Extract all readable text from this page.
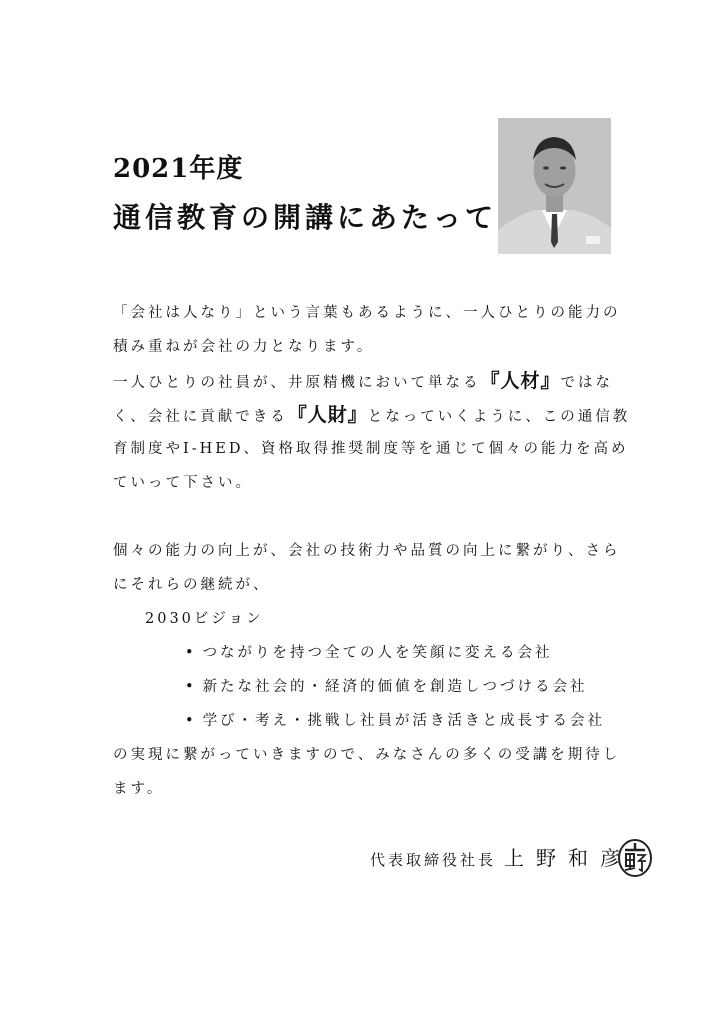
2021年度
通信教育の開講にあたって
「会社は人なり」という言葉もあるように、一人ひとりの能力の
積み重ねが会社の力となります。
一人ひとりの社員が、井原精機において単なる『人材』ではな
く、会社に貢献できる『人財』となっていくように、この通信教
育制度やI-HED、資格取得推奨制度等を通じて個々の能力を高め
ていって下さい。
個々の能力の向上が、会社の技術力や品質の向上に繋がり、さら
にそれらの継続が、
2030ビジョン
• つながりを持つ全ての人を笑顔に変える会社
• 新たな社会的・経済的価値を創造しつづける会社
• 学び・考え・挑戦し社員が活き活きと成長する会社
の実現に繋がっていきますので、みなさんの多くの受講を期待し
ます。
代表取締役社長 上野和彦
